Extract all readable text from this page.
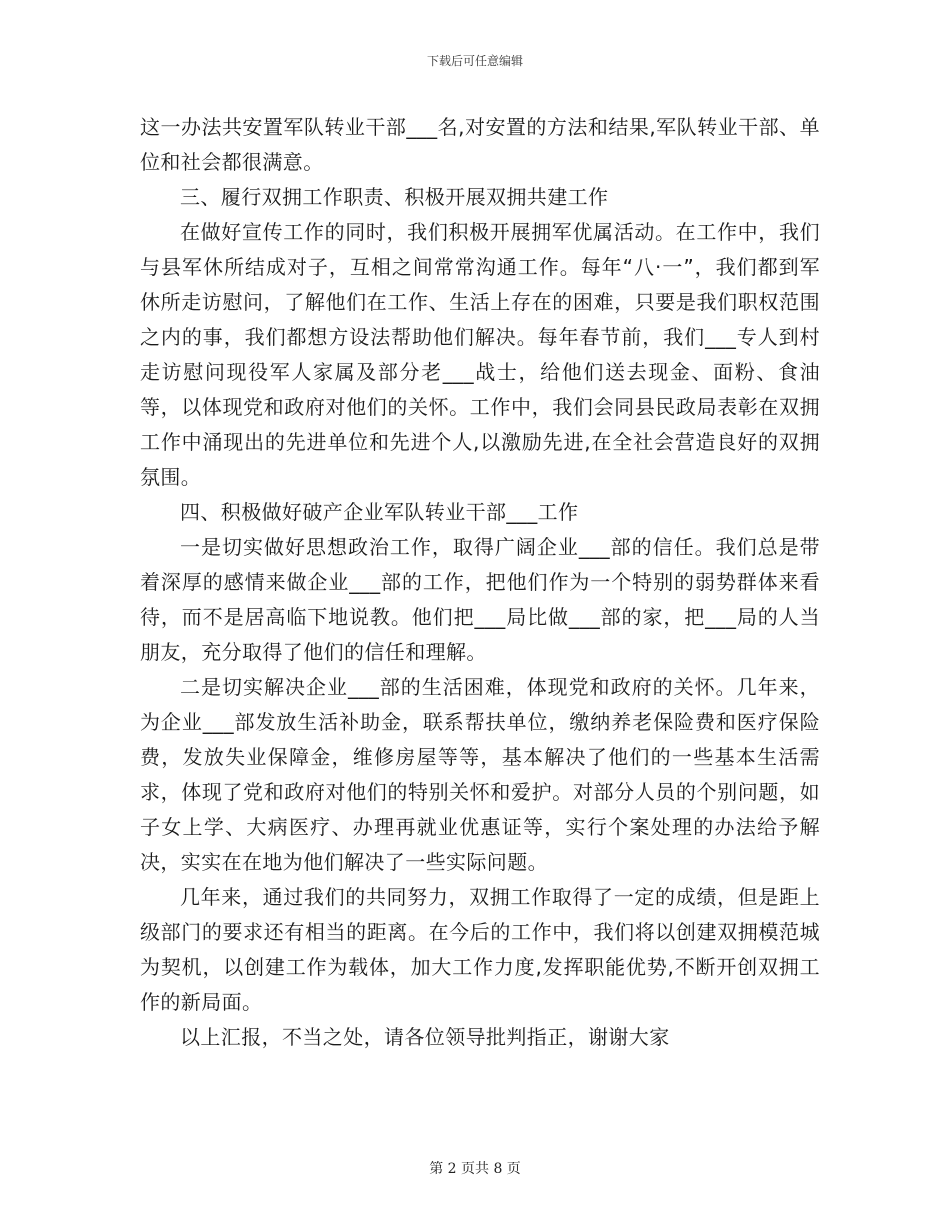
下载后可任意编辑

这一办法共安置军队转业干部___名,对安置的方法和结果,军队转业干部、单位和社会都很满意。

三、履行双拥工作职责、积极开展双拥共建工作

在做好宣传工作的同时，我们积极开展拥军优属活动。在工作中，我们与县军休所结成对子，互相之间常常沟通工作。每年“八·一”，我们都到军休所走访慰问，了解他们在工作、生活上存在的困难，只要是我们职权范围之内的事，我们都想方设法帮助他们解决。每年春节前，我们___专人到村走访慰问现役军人家属及部分老___战士，给他们送去现金、面粉、食油等，以体现党和政府对他们的关怀。工作中，我们会同县民政局表彰在双拥工作中涌现出的先进单位和先进个人,以激励先进,在全社会营造良好的双拥氛围。

四、积极做好破产企业军队转业干部___工作

一是切实做好思想政治工作，取得广阔企业___部的信任。我们总是带着深厚的感情来做企业___部的工作，把他们作为一个特别的弱势群体来看待，而不是居高临下地说教。他们把___局比做___部的家，把___局的人当朋友，充分取得了他们的信任和理解。

二是切实解决企业___部的生活困难，体现党和政府的关怀。几年来，为企业___部发放生活补助金，联系帮扶单位，缴纳养老保险费和医疗保险费，发放失业保障金，维修房屋等等，基本解决了他们的一些基本生活需求，体现了党和政府对他们的特别关怀和爱护。对部分人员的个别问题，如子女上学、大病医疗、办理再就业优惠证等，实行个案处理的办法给予解决，实实在在地为他们解决了一些实际问题。

几年来，通过我们的共同努力，双拥工作取得了一定的成绩，但是距上级部门的要求还有相当的距离。在今后的工作中，我们将以创建双拥模范城为契机，以创建工作为载体，加大工作力度,发挥职能优势,不断开创双拥工作的新局面。

以上汇报，不当之处，请各位领导批判指正，谢谢大家

第 2 页共 8 页
